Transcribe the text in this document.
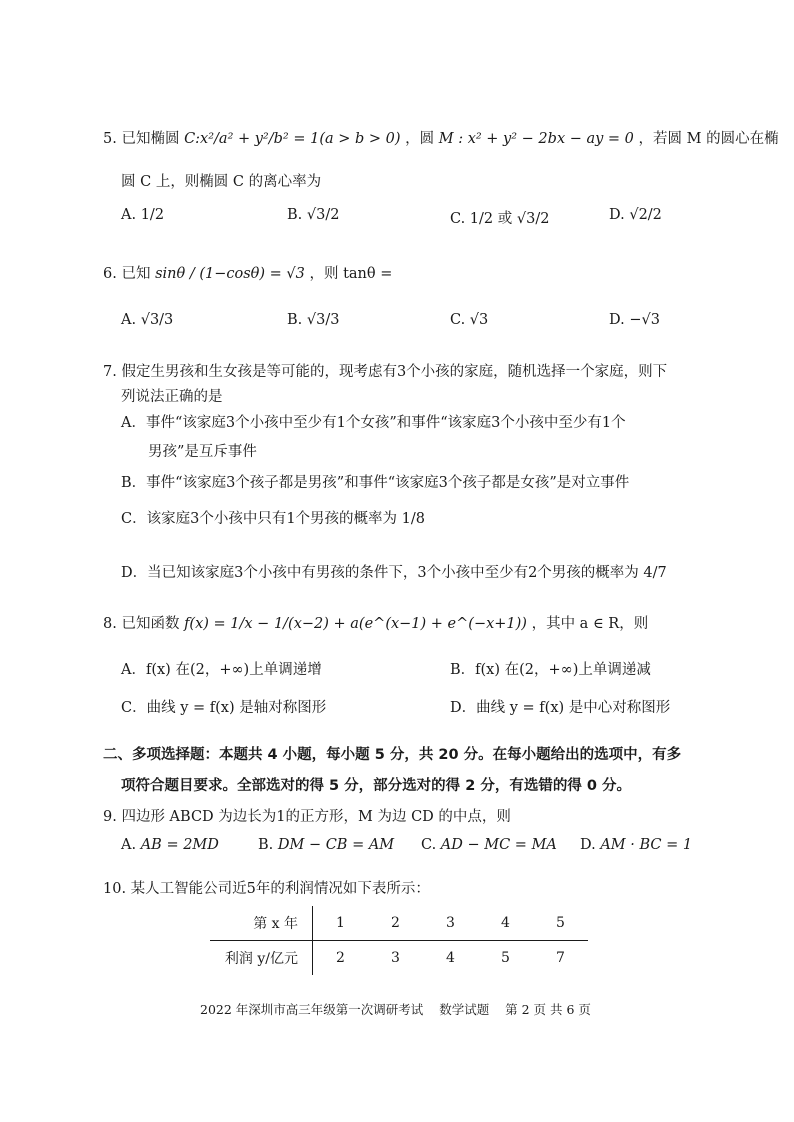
5. 已知椭圆 C:x²/a² + y²/b² = 1(a > b > 0) ，圆 M : x² + y² − 2bx − ay = 0 ，若圆 M 的圆心在椭
圆 C 上，则椭圆 C 的离心率为
A. 1/2	B. √3/2	C. 1/2 或 √3/2	D. √2/2
6. 已知 sinθ / (1−cosθ) = √3 ，则 tanθ =
A. √3/3	B. √3/3	C. √3	D. −√3
7. 假定生男孩和生女孩是等可能的，现考虑有3个小孩的家庭，随机选择一个家庭，则下
列说法正确的是
A．事件“该家庭3个小孩中至少有1个女孩”和事件“该家庭3个小孩中至少有1个
男孩”是互斥事件
B．事件“该家庭3个孩子都是男孩”和事件“该家庭3个孩子都是女孩”是对立事件
C．该家庭3个小孩中只有1个男孩的概率为 1/8
D．当已知该家庭3个小孩中有男孩的条件下，3个小孩中至少有2个男孩的概率为 4/7
8. 已知函数 f(x) = 1/x − 1/(x−2) + a(e^(x−1) + e^(−x+1)) ，其中 a ∈ R，则
A．f(x) 在(2，+∞)上单调递增	B．f(x) 在(2，+∞)上单调递减
C．曲线 y = f(x) 是轴对称图形	D．曲线 y = f(x) 是中心对称图形
二、多项选择题：本题共 4 小题，每小题 5 分，共 20 分。在每小题给出的选项中，有多
项符合题目要求。全部选对的得 5 分，部分选对的得 2 分，有选错的得 0 分。
9. 四边形 ABCD 为边长为1的正方形，M 为边 CD 的中点，则
A. AB = 2MD	B. DM − CB = AM C. AD − MC = MA D. AM · BC = 1
10. 某人工智能公司近5年的利润情况如下表所示：
第 x 年	1	2	3	4	5
利润 y/亿元	2	3	4	5	7
2022 年深圳市高三年级第一次调研考试 数学试题 第 2 页 共 6 页
